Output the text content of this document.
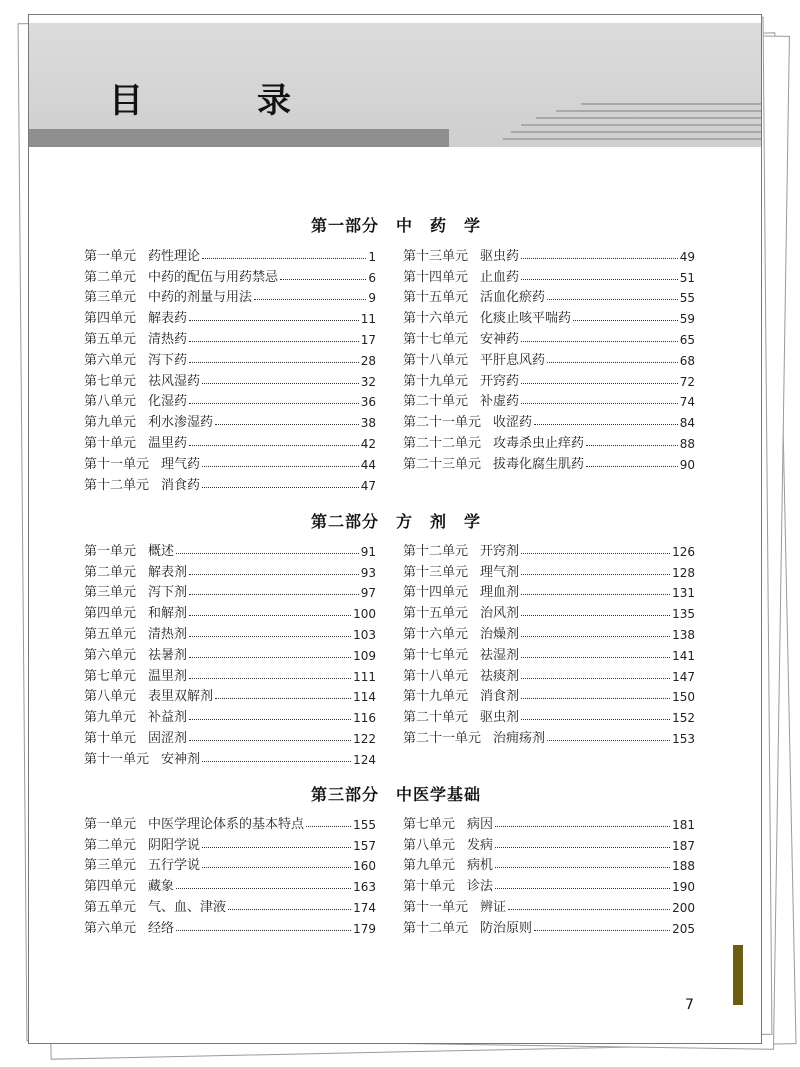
目　录
第一部分　中　药　学
第一单元 药性理论	1
第二单元 中药的配伍与用药禁忌	6
第三单元 中药的剂量与用法	9
第四单元 解表药	11
第五单元 清热药	17
第六单元 泻下药	28
第七单元 祛风湿药	32
第八单元 化湿药	36
第九单元 利水渗湿药	38
第十单元 温里药	42
第十一单元 理气药	44
第十二单元 消食药	47
第十三单元 驱虫药	49
第十四单元 止血药	51
第十五单元 活血化瘀药	55
第十六单元 化痰止咳平喘药	59
第十七单元 安神药	65
第十八单元 平肝息风药	68
第十九单元 开窍药	72
第二十单元 补虚药	74
第二十一单元 收涩药	84
第二十二单元 攻毒杀虫止痒药	88
第二十三单元 拔毒化腐生肌药	90
第二部分　方　剂　学
第一单元 概述	91
第二单元 解表剂	93
第三单元 泻下剂	97
第四单元 和解剂	100
第五单元 清热剂	103
第六单元 祛暑剂	109
第七单元 温里剂	111
第八单元 表里双解剂	114
第九单元 补益剂	116
第十单元 固涩剂	122
第十一单元 安神剂	124
第十二单元 开窍剂	126
第十三单元 理气剂	128
第十四单元 理血剂	131
第十五单元 治风剂	135
第十六单元 治燥剂	138
第十七单元 祛湿剂	141
第十八单元 祛痰剂	147
第十九单元 消食剂	150
第二十单元 驱虫剂	152
第二十一单元 治痈疡剂	153
第三部分　中医学基础
第一单元 中医学理论体系的基本特点	155
第二单元 阴阳学说	157
第三单元 五行学说	160
第四单元 藏象	163
第五单元 气、血、津液	174
第六单元 经络	179
第七单元 病因	181
第八单元 发病	187
第九单元 病机	188
第十单元 诊法	190
第十一单元 辨证	200
第十二单元 防治原则	205
7
